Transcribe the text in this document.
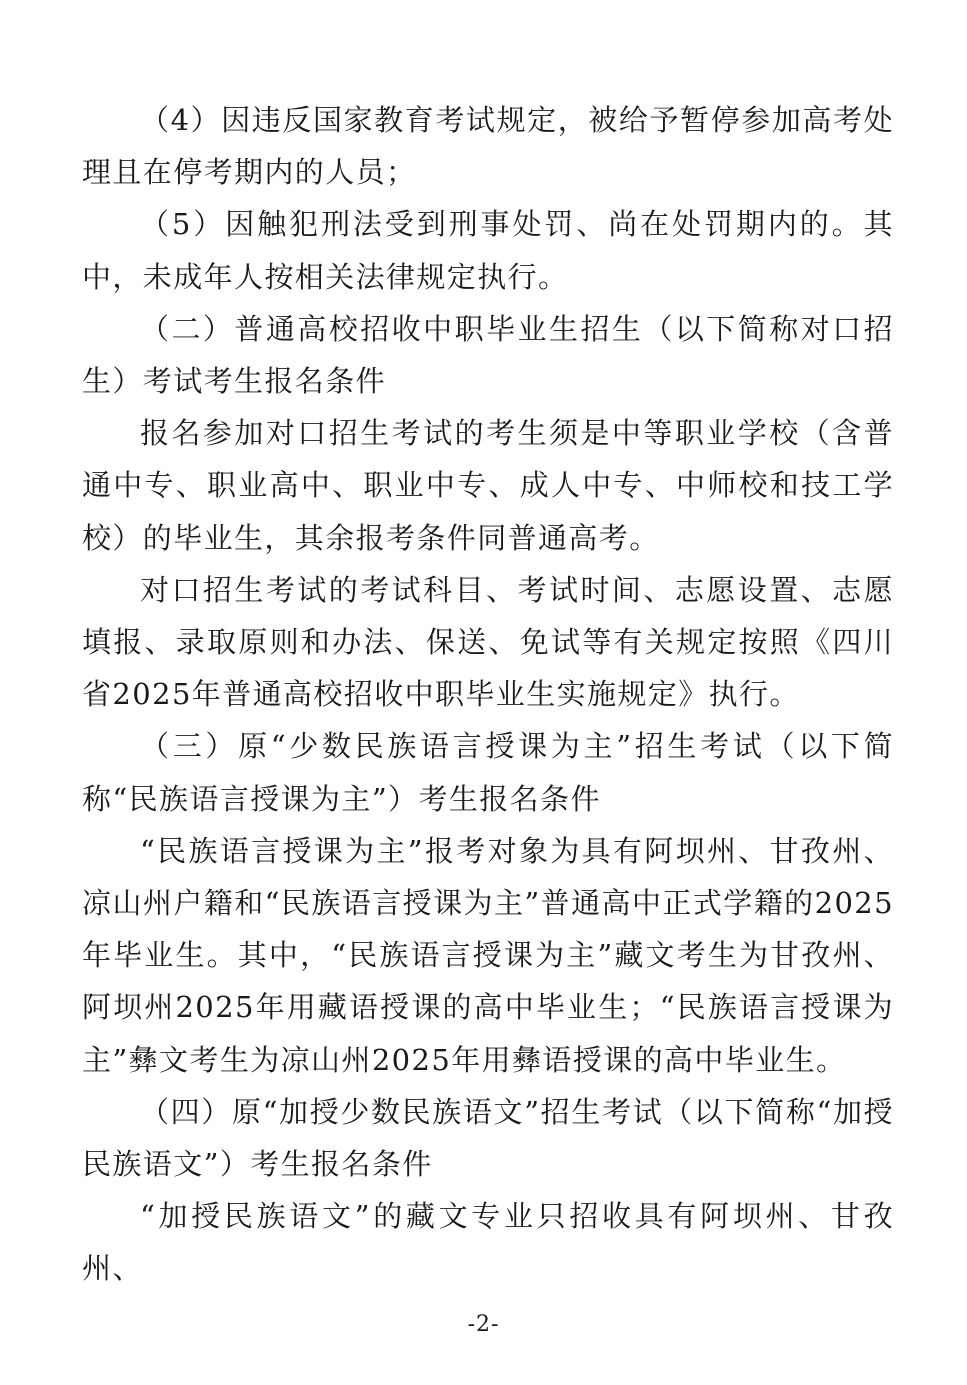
（4）因违反国家教育考试规定，被给予暂停参加高考处理且在停考期内的人员；

（5）因触犯刑法受到刑事处罚、尚在处罚期内的。其中，未成年人按相关法律规定执行。

（二）普通高校招收中职毕业生招生（以下简称对口招生）考试考生报名条件

报名参加对口招生考试的考生须是中等职业学校（含普通中专、职业高中、职业中专、成人中专、中师校和技工学校）的毕业生，其余报考条件同普通高考。

对口招生考试的考试科目、考试时间、志愿设置、志愿填报、录取原则和办法、保送、免试等有关规定按照《四川省2025年普通高校招收中职毕业生实施规定》执行。

（三）原“少数民族语言授课为主”招生考试（以下简称“民族语言授课为主”）考生报名条件

“民族语言授课为主”报考对象为具有阿坝州、甘孜州、凉山州户籍和“民族语言授课为主”普通高中正式学籍的2025年毕业生。其中，“民族语言授课为主”藏文考生为甘孜州、阿坝州2025年用藏语授课的高中毕业生；“民族语言授课为主”彝文考生为凉山州2025年用彝语授课的高中毕业生。

（四）原“加授少数民族语文”招生考试（以下简称“加授民族语文”）考生报名条件

“加授民族语文”的藏文专业只招收具有阿坝州、甘孜州、

-2-
